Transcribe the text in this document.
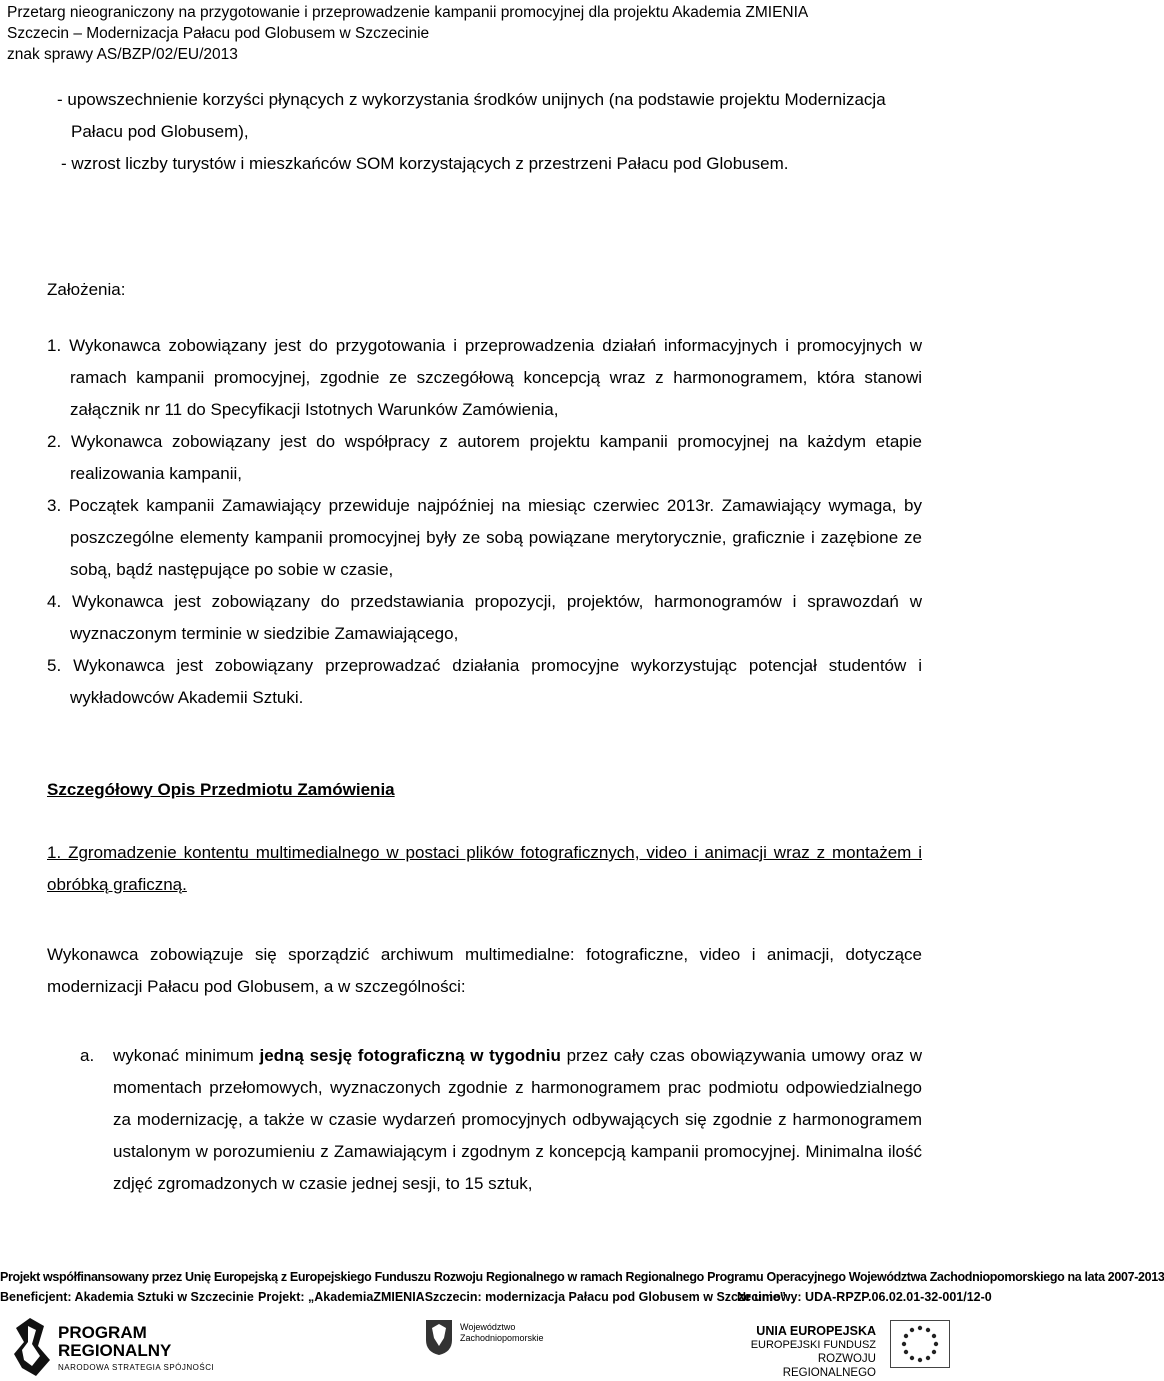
Przetarg nieograniczony na przygotowanie i przeprowadzenie kampanii promocyjnej dla projektu Akademia ZMIENIA
Szczecin – Modernizacja Pałacu pod Globusem w Szczecinie
znak sprawy AS/BZP/02/EU/2013
- upowszechnienie korzyści płynących z wykorzystania środków unijnych (na podstawie projektu Modernizacja Pałacu pod Globusem),
- wzrost liczby turystów i mieszkańców SOM korzystających z przestrzeni Pałacu pod Globusem.
Założenia:
1. Wykonawca zobowiązany jest do przygotowania i przeprowadzenia działań informacyjnych i promocyjnych w ramach kampanii promocyjnej, zgodnie ze szczegółową koncepcją wraz z harmonogramem, która stanowi załącznik nr 11 do Specyfikacji Istotnych Warunków Zamówienia,
2. Wykonawca zobowiązany jest do współpracy z autorem projektu kampanii promocyjnej na każdym etapie realizowania kampanii,
3. Początek kampanii Zamawiający przewiduje najpóźniej na miesiąc czerwiec 2013r. Zamawiający wymaga, by poszczególne elementy kampanii promocyjnej były ze sobą powiązane merytorycznie, graficznie i zazębione ze sobą, bądź następujące po sobie w czasie,
4. Wykonawca jest zobowiązany do przedstawiania propozycji, projektów, harmonogramów i sprawozdań w wyznaczonym terminie w siedzibie Zamawiającego,
5. Wykonawca jest zobowiązany przeprowadzać działania promocyjne wykorzystując potencjał studentów i wykładowców Akademii Sztuki.
Szczegółowy Opis Przedmiotu Zamówienia
1. Zgromadzenie kontentu multimedialnego w postaci plików fotograficznych, video i animacji wraz z montażem i obróbką graficzną.
Wykonawca zobowiązuje się sporządzić archiwum multimedialne: fotograficzne, video i animacji, dotyczące modernizacji Pałacu pod Globusem, a w szczególności:
a. wykonać minimum jedną sesję fotograficzną w tygodniu przez cały czas obowiązywania umowy oraz w momentach przełomowych, wyznaczonych zgodnie z harmonogramem prac podmiotu odpowiedzialnego za modernizację, a także w czasie wydarzeń promocyjnych odbywających się zgodnie z harmonogramem ustalonym w porozumieniu z Zamawiającym i zgodnym z koncepcją kampanii promocyjnej. Minimalna ilość zdjęć zgromadzonych w czasie jednej sesji, to 15 sztuk,
Projekt współfinansowany przez Unię Europejską z Europejskiego Funduszu Rozwoju Regionalnego w ramach Regionalnego Programu Operacyjnego Województwa Zachodniopomorskiego na lata 2007-2013
Beneficjent: Akademia Sztuki w Szczecinie Projekt: „AkademiaZMIENIASzczecin: modernizacja Pałacu pod Globusem w Szczecinie”
Nr umowy: UDA-RPZP.06.02.01-32-001/12-0
PROGRAM
REGIONALNY
NARODOWA STRATEGIA SPÓJNOŚCI
Województwo
Zachodniopomorskie	UNIA EUROPEJSKA
EUROPEJSKI FUNDUSZ
ROZWOJU REGIONALNEGO
